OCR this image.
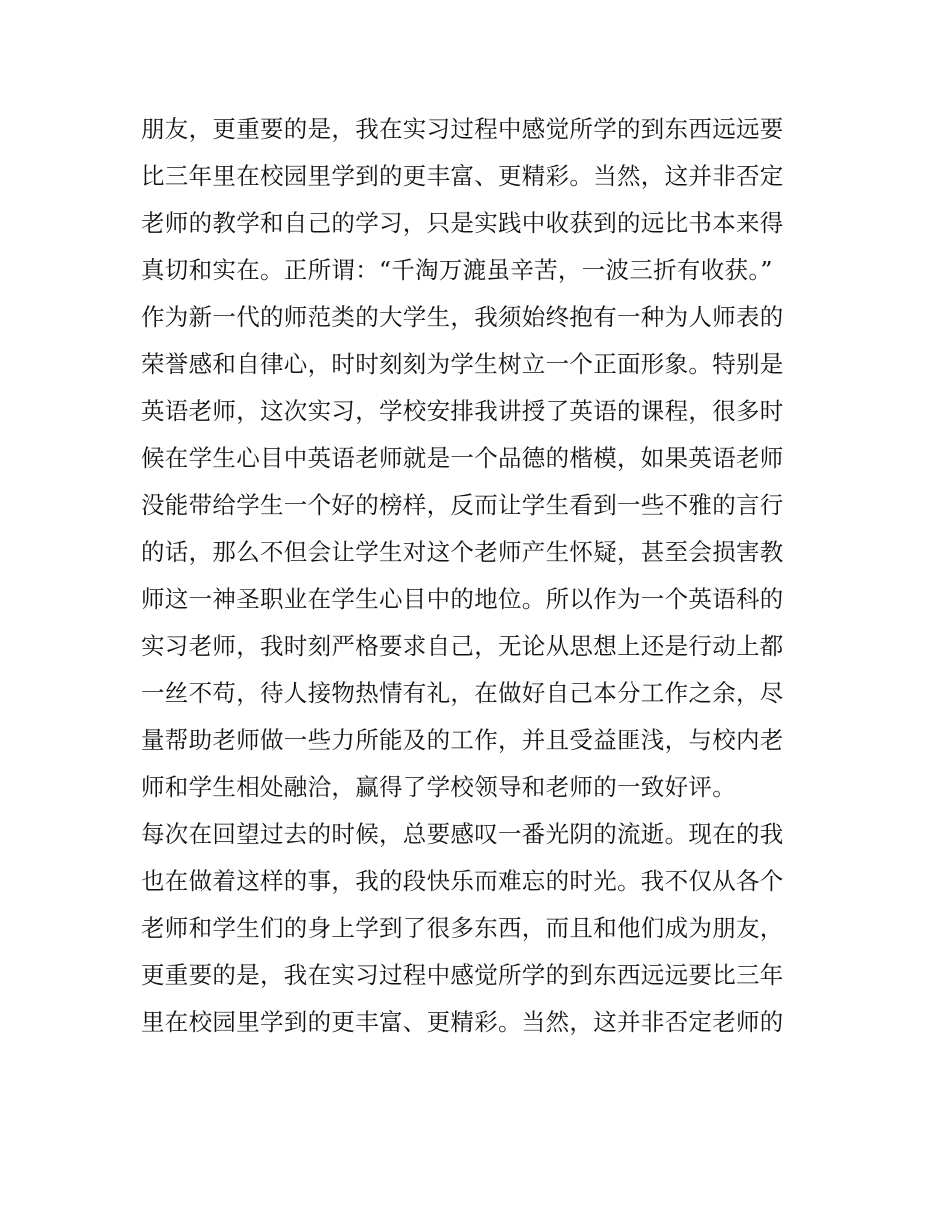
朋友，更重要的是，我在实习过程中感觉所学的到东西远远要
比三年里在校园里学到的更丰富、更精彩。当然，这并非否定
老师的教学和自己的学习，只是实践中收获到的远比书本来得
真切和实在。正所谓：“千淘万漉虽辛苦，一波三折有收获。”
作为新一代的师范类的大学生，我须始终抱有一种为人师表的
荣誉感和自律心，时时刻刻为学生树立一个正面形象。特别是
英语老师，这次实习，学校安排我讲授了英语的课程，很多时
候在学生心目中英语老师就是一个品德的楷模，如果英语老师
没能带给学生一个好的榜样，反而让学生看到一些不雅的言行
的话，那么不但会让学生对这个老师产生怀疑，甚至会损害教
师这一神圣职业在学生心目中的地位。所以作为一个英语科的
实习老师，我时刻严格要求自己，无论从思想上还是行动上都
一丝不苟，待人接物热情有礼，在做好自己本分工作之余，尽
量帮助老师做一些力所能及的工作，并且受益匪浅，与校内老
师和学生相处融洽，赢得了学校领导和老师的一致好评。
每次在回望过去的时候，总要感叹一番光阴的流逝。现在的我
也在做着这样的事，我的段快乐而难忘的时光。我不仅从各个
老师和学生们的身上学到了很多东西，而且和他们成为朋友，
更重要的是，我在实习过程中感觉所学的到东西远远要比三年
里在校园里学到的更丰富、更精彩。当然，这并非否定老师的
